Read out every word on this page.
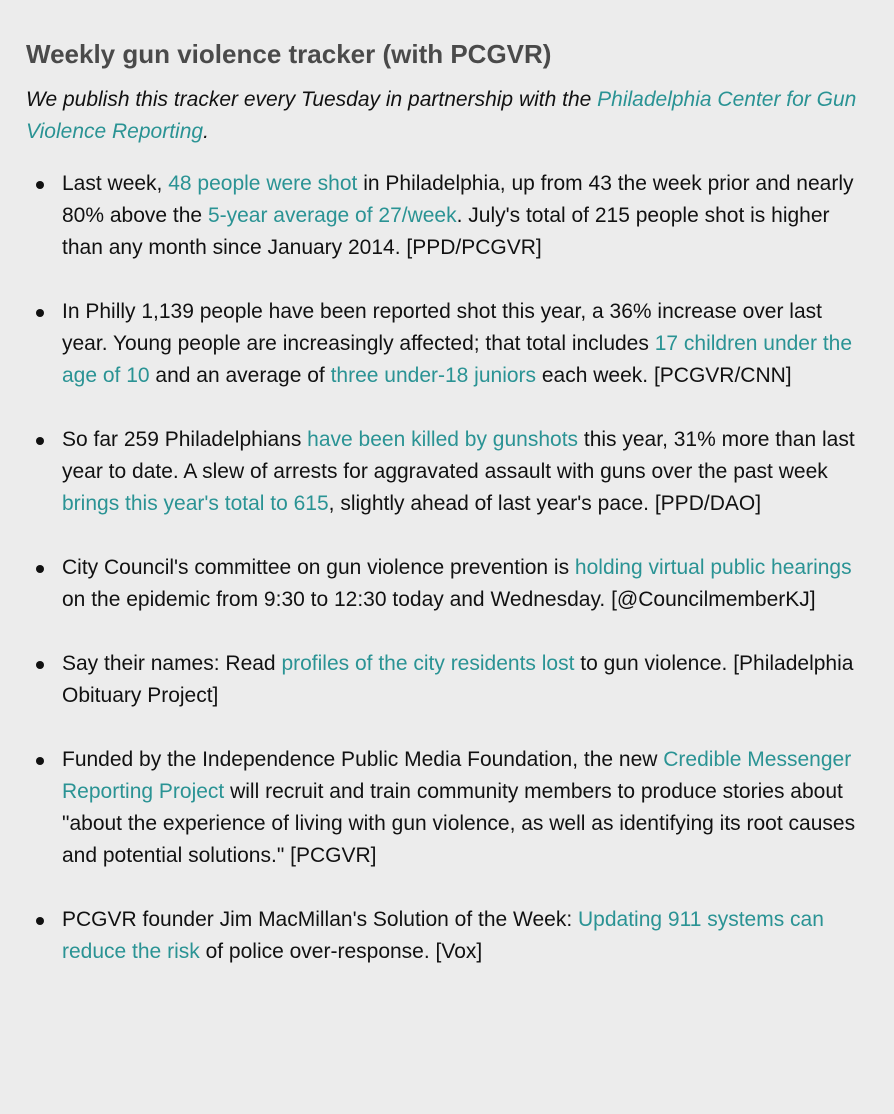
Weekly gun violence tracker (with PCGVR)

We publish this tracker every Tuesday in partnership with the Philadelphia Center for Gun Violence Reporting.

Last week, 48 people were shot in Philadelphia, up from 43 the week prior and nearly 80% above the 5-year average of 27/week. July's total of 215 people shot is higher than any month since January 2014. [PPD/PCGVR]
In Philly 1,139 people have been reported shot this year, a 36% increase over last year. Young people are increasingly affected; that total includes 17 children under the age of 10 and an average of three under-18 juniors each week. [PCGVR/CNN]
So far 259 Philadelphians have been killed by gunshots this year, 31% more than last year to date. A slew of arrests for aggravated assault with guns over the past week brings this year's total to 615, slightly ahead of last year's pace. [PPD/DAO]
City Council's committee on gun violence prevention is holding virtual public hearings on the epidemic from 9:30 to 12:30 today and Wednesday. [@CouncilmemberKJ]
Say their names: Read profiles of the city residents lost to gun violence. [Philadelphia Obituary Project]
Funded by the Independence Public Media Foundation, the new Credible Messenger Reporting Project will recruit and train community members to produce stories about "about the experience of living with gun violence, as well as identifying its root causes and potential solutions." [PCGVR]
PCGVR founder Jim MacMillan's Solution of the Week: Updating 911 systems can reduce the risk of police over-response. [Vox]
